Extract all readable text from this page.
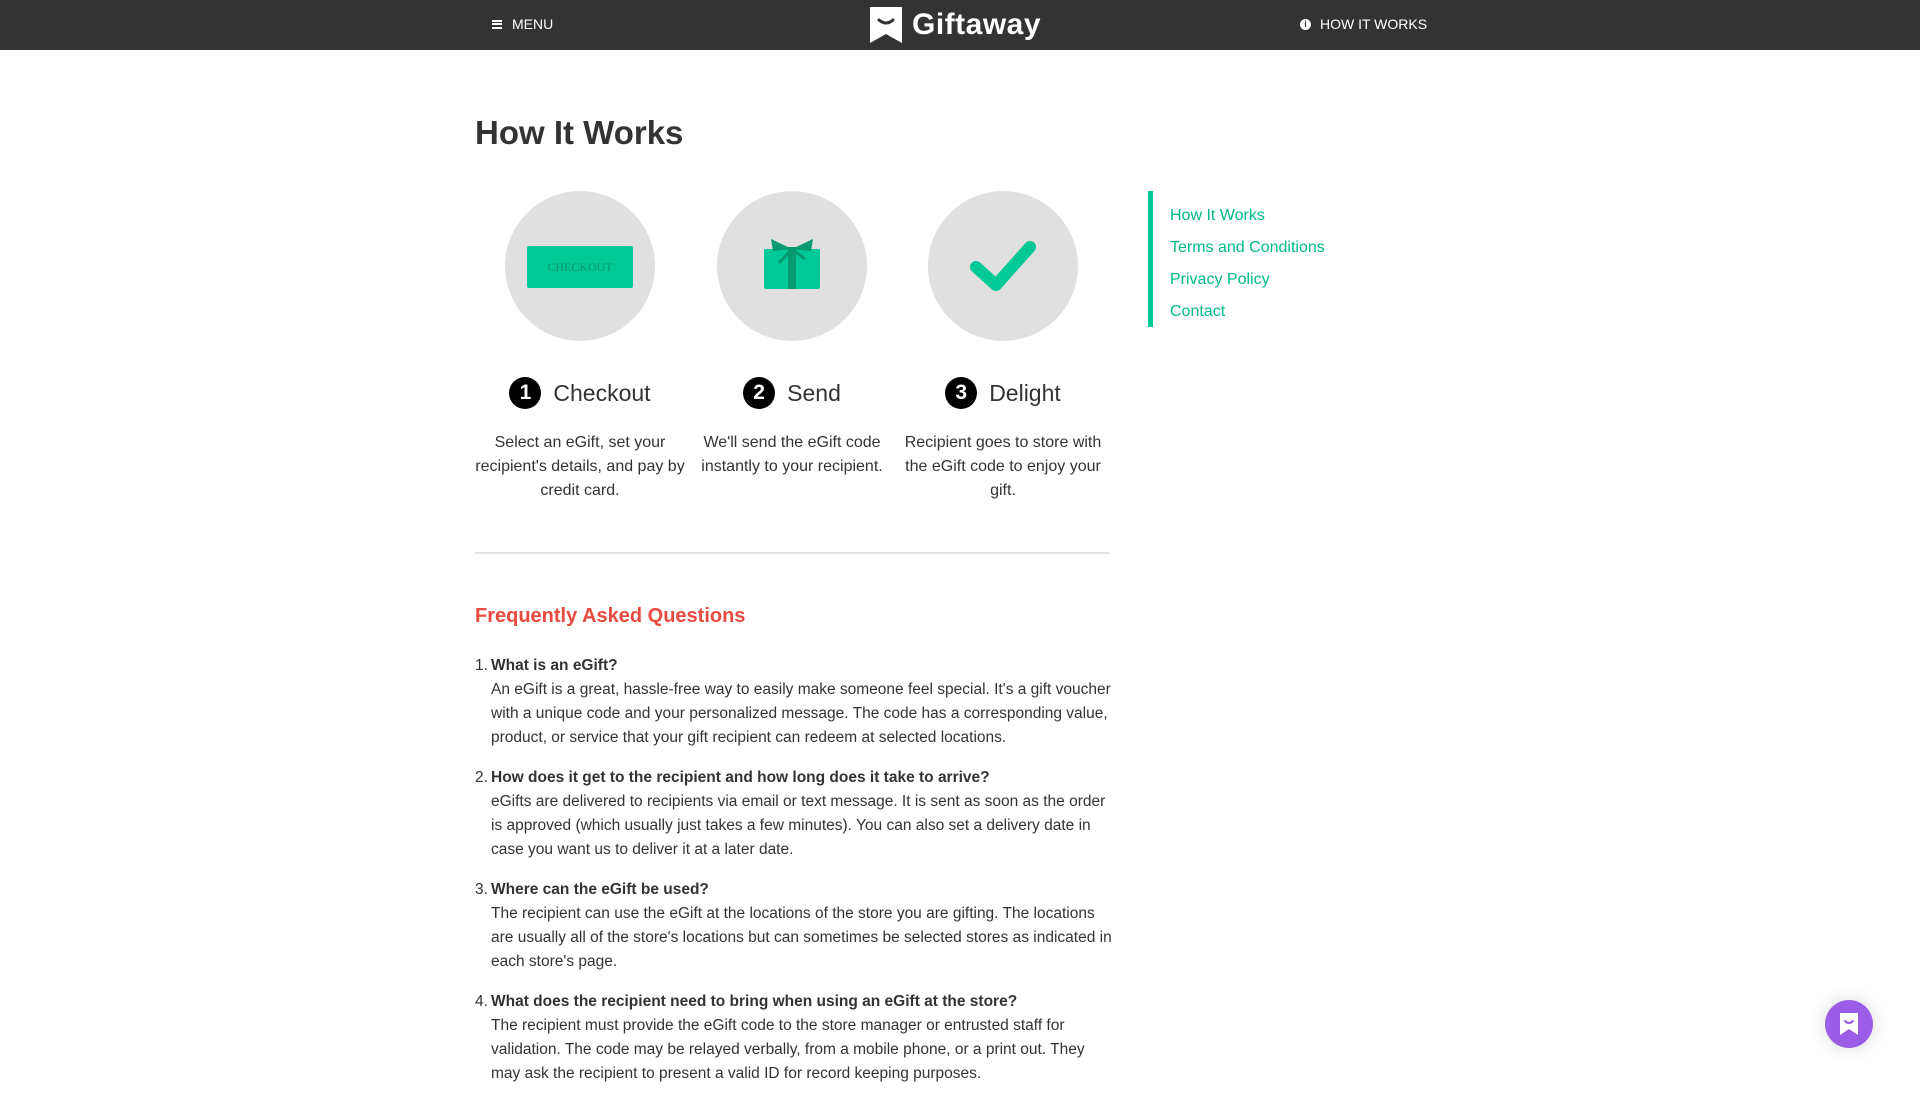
MENU	Giftaway	i HOW IT WORKS
How It Works
CHECKOUT
1 Checkout
Select an eGift, set your recipient's details, and pay by credit card.
2 Send
We'll send the eGift code instantly to your recipient.
3 Delight
Recipient goes to store with the eGift code to enjoy your gift.
Frequently Asked Questions
1. What is an eGift?
An eGift is a great, hassle-free way to easily make someone feel special. It's a gift voucher with a unique code and your personalized message. The code has a corresponding value, product, or service that your gift recipient can redeem at selected locations.
2. How does it get to the recipient and how long does it take to arrive?
eGifts are delivered to recipients via email or text message. It is sent as soon as the order is approved (which usually just takes a few minutes). You can also set a delivery date in case you want us to deliver it at a later date.
3. Where can the eGift be used?
The recipient can use the eGift at the locations of the store you are gifting. The locations are usually all of the store's locations but can sometimes be selected stores as indicated in each store's page.
4. What does the recipient need to bring when using an eGift at the store?
The recipient must provide the eGift code to the store manager or entrusted staff for validation. The code may be relayed verbally, from a mobile phone, or a print out. They may ask the recipient to present a valid ID for record keeping purposes.
How It Works
Terms and Conditions
Privacy Policy
Contact
